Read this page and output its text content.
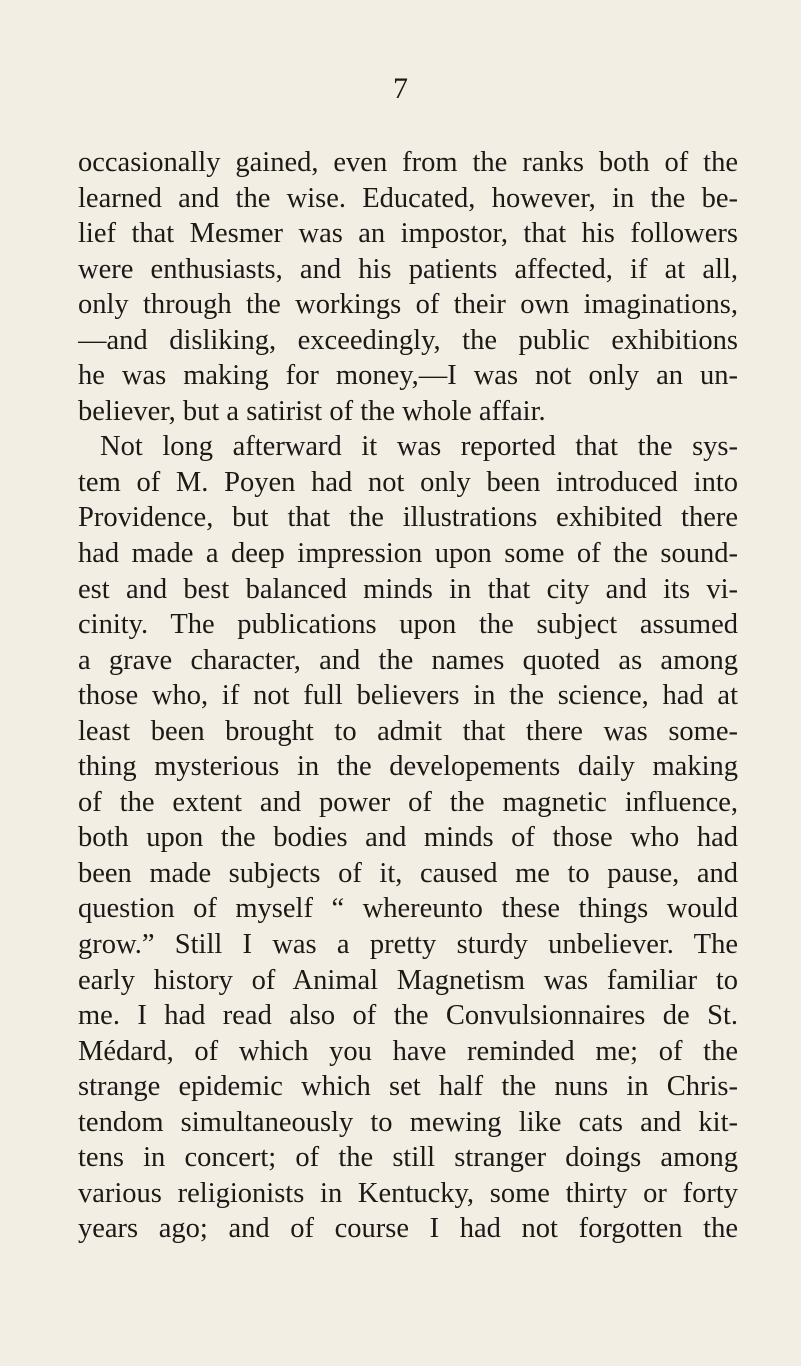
7
occasionally gained, even from the ranks both of the
learned and the wise. Educated, however, in the be-
lief that Mesmer was an impostor, that his followers
were enthusiasts, and his patients affected, if at all,
only through the workings of their own imaginations,
—and disliking, exceedingly, the public exhibitions
he was making for money,—I was not only an un-
believer, but a satirist of the whole affair.
Not long afterward it was reported that the sys-
tem of M. Poyen had not only been introduced into
Providence, but that the illustrations exhibited there
had made a deep impression upon some of the sound-
est and best balanced minds in that city and its vi-
cinity. The publications upon the subject assumed
a grave character, and the names quoted as among
those who, if not full believers in the science, had at
least been brought to admit that there was some-
thing mysterious in the developements daily making
of the extent and power of the magnetic influence,
both upon the bodies and minds of those who had
been made subjects of it, caused me to pause, and
question of myself “ whereunto these things would
grow.” Still I was a pretty sturdy unbeliever. The
early history of Animal Magnetism was familiar to
me. I had read also of the Convulsionnaires de St.
Médard, of which you have reminded me; of the
strange epidemic which set half the nuns in Chris-
tendom simultaneously to mewing like cats and kit-
tens in concert; of the still stranger doings among
various religionists in Kentucky, some thirty or forty
years ago; and of course I had not forgotten the
